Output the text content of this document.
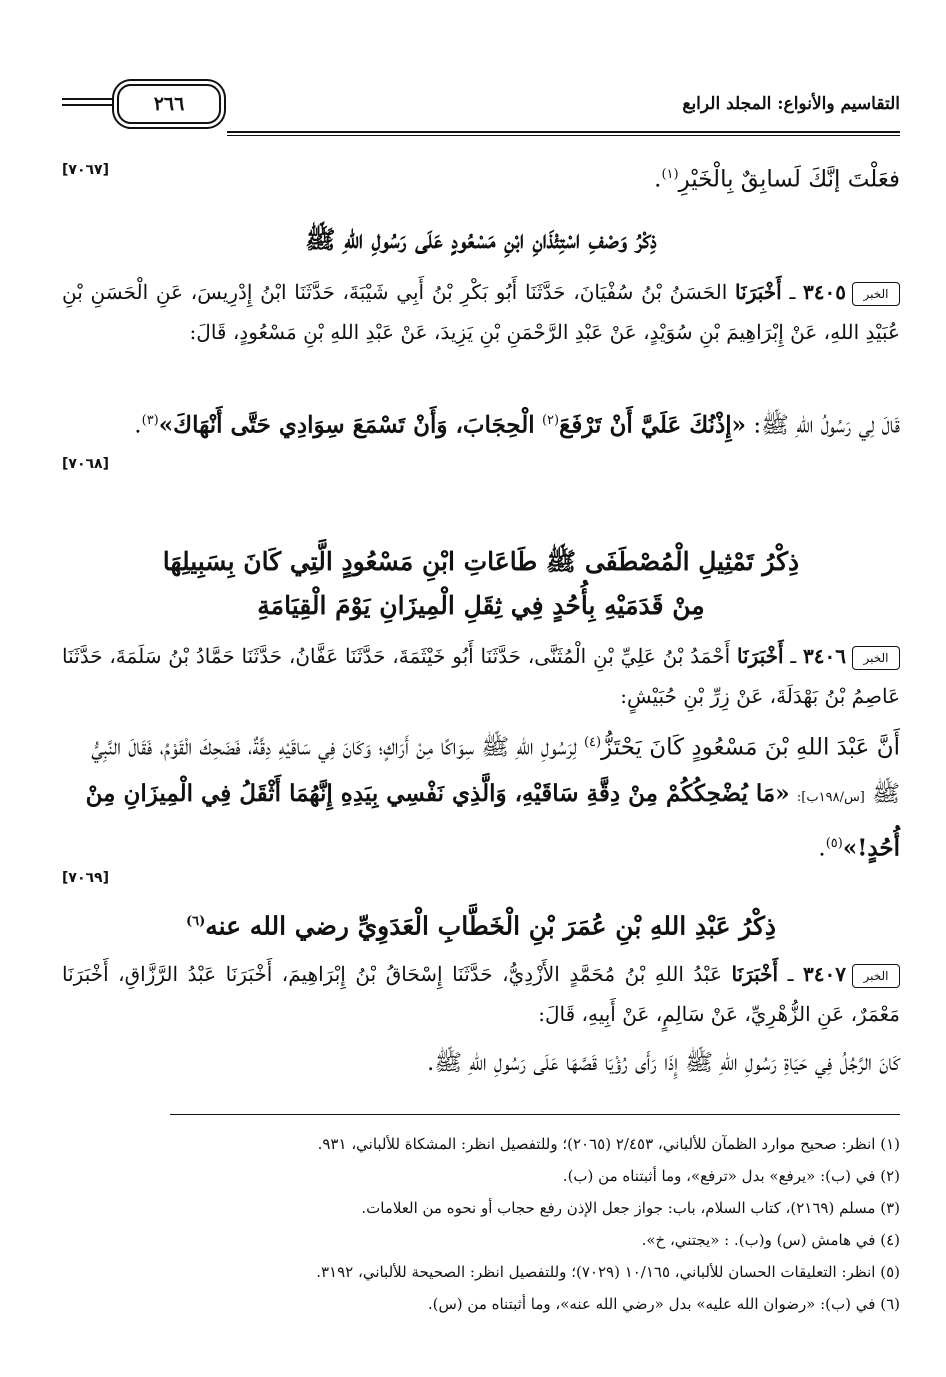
التقاسيم والأنواع: المجلد الرابع
٢٦٦

فعَلْتَ إنَّكَ لَسابِقٌ بِالْخَيْرِ$^{(١)}$.

[٧٠٦٧]

ذِكْرُ وَصْفِ اسْتِئْذَانِ ابْنِ مَسْعُودٍ عَلَى رَسُولِ اللهِ ﷺ

الخبر٣٤٠٥ ـ أَخْبَرَنَا الحَسَنُ بْنُ سُفْيَانَ، حَدَّثَنَا أَبُو بَكْرِ بْنُ أَبِي شَيْبَةَ، حَدَّثَنَا ابْنُ إِدْرِيسَ، عَنِ الْحَسَنِ بْنِ عُبَيْدِ اللهِ، عَنْ إِبْرَاهِيمَ بْنِ سُوَيْدٍ، عَنْ عَبْدِ الرَّحْمَنِ بْنِ يَزِيدَ، عَنْ عَبْدِ اللهِ بْنِ مَسْعُودٍ، قَالَ:

قَالَ لِي رَسُولُ اللهِ ﷺ: «إِذْنُكَ عَلَيَّ أَنْ تَرْفَعَ$^{(٢)}$ الْحِجَابَ، وَأَنْ تَسْمَعَ سِوَادِي حَتَّى أَنْهَاكَ»$^{(٣)}$.

[٧٠٦٨]

ذِكْرُ تَمْثِيلِ الْمُصْطَفَى ﷺ طَاعَاتِ ابْنِ مَسْعُودٍ الَّتِي كَانَ بِسَبِيلِهَا

مِنْ قَدَمَيْهِ بِأُحُدٍ فِي ثِقَلِ الْمِيزَانِ يَوْمَ الْقِيَامَةِ

الخبر٣٤٠٦ ـ أَخْبَرَنَا أَحْمَدُ بْنُ عَلِيِّ بْنِ الْمُثَنَّى، حَدَّثَنَا أَبُو خَيْثَمَةَ، حَدَّثَنَا عَفَّانُ، حَدَّثَنَا حَمَّادُ بْنُ سَلَمَةَ، حَدَّثَنَا عَاصِمُ بْنُ بَهْدَلَةَ، عَنْ زِرِّ بْنِ حُبَيْشٍ:

أَنَّ عَبْدَ اللهِ بْنَ مَسْعُودٍ كَانَ يَحْتَزُّ$^{(٤)}$ لِرَسُولِ اللهِ ﷺ سِوَاكًا مِنْ أَرَاكٍ؛ وَكَانَ فِي سَاقَيْهِ دِقَّةٌ، فَضَحِكَ الْقَوْمُ، فَقَالَ النَّبِيُّ ﷺ [س/١٩٨ب]: «مَا يُضْحِكُكُمْ مِنْ دِقَّةِ سَاقَيْهِ، وَالَّذِي نَفْسِي بِيَدِهِ إِنَّهُمَا أَثْقَلُ فِي الْمِيزَانِ مِنْ أُحُدٍ!»$^{(٥)}$.

[٧٠٦٩]

ذِكْرُ عَبْدِ اللهِ بْنِ عُمَرَ بْنِ الْخَطَّابِ الْعَدَوِيِّ رضي الله عنه$^{(٦)}$

الخبر٣٤٠٧ ـ أَخْبَرَنَا عَبْدُ اللهِ بْنُ مُحَمَّدٍ الأَزْدِيُّ، حَدَّثَنَا إِسْحَاقُ بْنُ إِبْرَاهِيمَ، أَخْبَرَنَا عَبْدُ الرَّزَّاقِ، أَخْبَرَنَا مَعْمَرٌ، عَنِ الزُّهْرِيِّ، عَنْ سَالِمٍ، عَنْ أَبِيهِ، قَالَ:

كَانَ الرَّجُلُ فِي حَيَاةِ رَسُولِ اللهِ ﷺ إِذَا رَأَى رُؤْيَا قَصَّهَا عَلَى رَسُولِ اللهِ ﷺ.

(١) انظر: صحيح موارد الظمآن للألباني، ٢/٤٥٣ (٢٠٦٥)؛ وللتفصيل انظر: المشكاة للألباني، ٩٣١.
(٢) في (ب): «يرفع» بدل «ترفع»، وما أثبتناه من (ب).
(٣) مسلم (٢١٦٩)، كتاب السلام، باب: جواز جعل الإذن رفع حجاب أو نحوه من العلامات.
(٤) في هامش (س) و(ب). : «يجتني، خ».
(٥) انظر: التعليقات الحسان للألباني، ١٠/١٦٥ (٧٠٢٩)؛ وللتفصيل انظر: الصحيحة للألباني، ٣١٩٢.
(٦) في (ب): «رضوان الله عليه» بدل «رضي الله عنه»، وما أثبتناه من (س).
